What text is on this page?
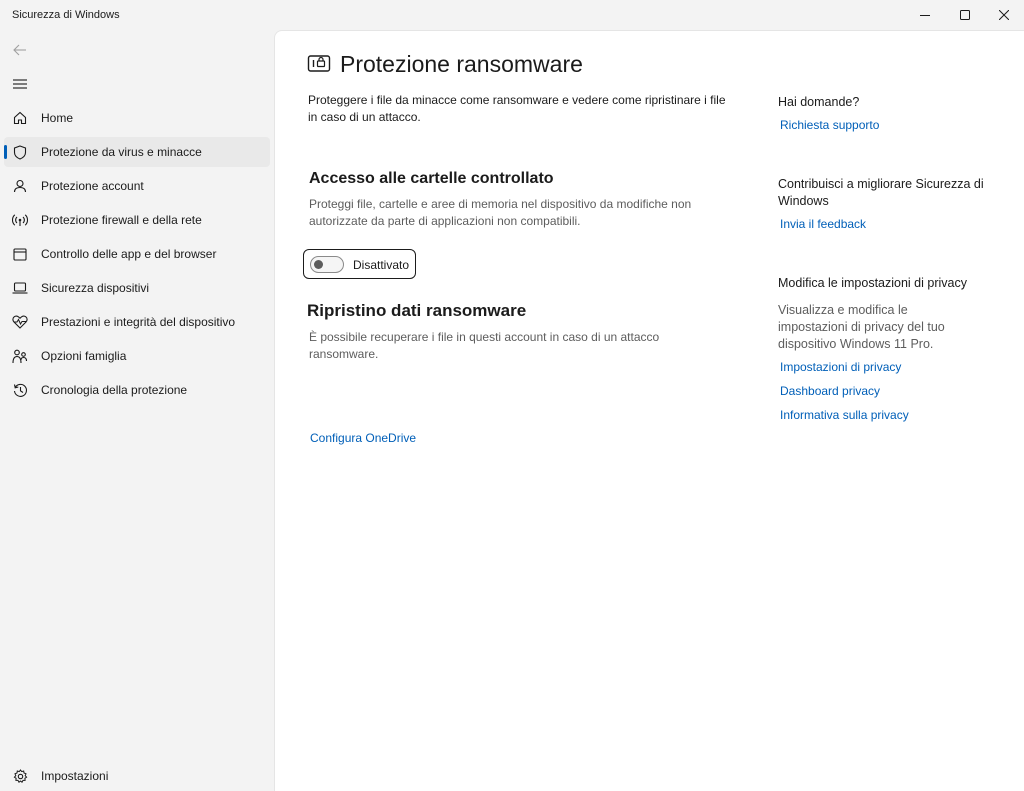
Sicurezza di Windows
Home
Protezione da virus e minacce
Protezione account
Protezione firewall e della rete
Controllo delle app e del browser
Sicurezza dispositivi
Prestazioni e integrità del dispositivo
Opzioni famiglia
Cronologia della protezione
Impostazioni
Protezione ransomware
Proteggere i file da minacce come ransomware e vedere come ripristinare i file in caso di un attacco.
Accesso alle cartelle controllato
Proteggi file, cartelle e aree di memoria nel dispositivo da modifiche non autorizzate da parte di applicazioni non compatibili.
Disattivato
Ripristino dati ransomware
È possibile recuperare i file in questi account in caso di un attacco ransomware.
Configura OneDrive
Hai domande?
Richiesta supporto
Contribuisci a migliorare Sicurezza di Windows
Invia il feedback
Modifica le impostazioni di privacy
Visualizza e modifica le impostazioni di privacy del tuo dispositivo Windows 11 Pro.
Impostazioni di privacy
Dashboard privacy
Informativa sulla privacy
